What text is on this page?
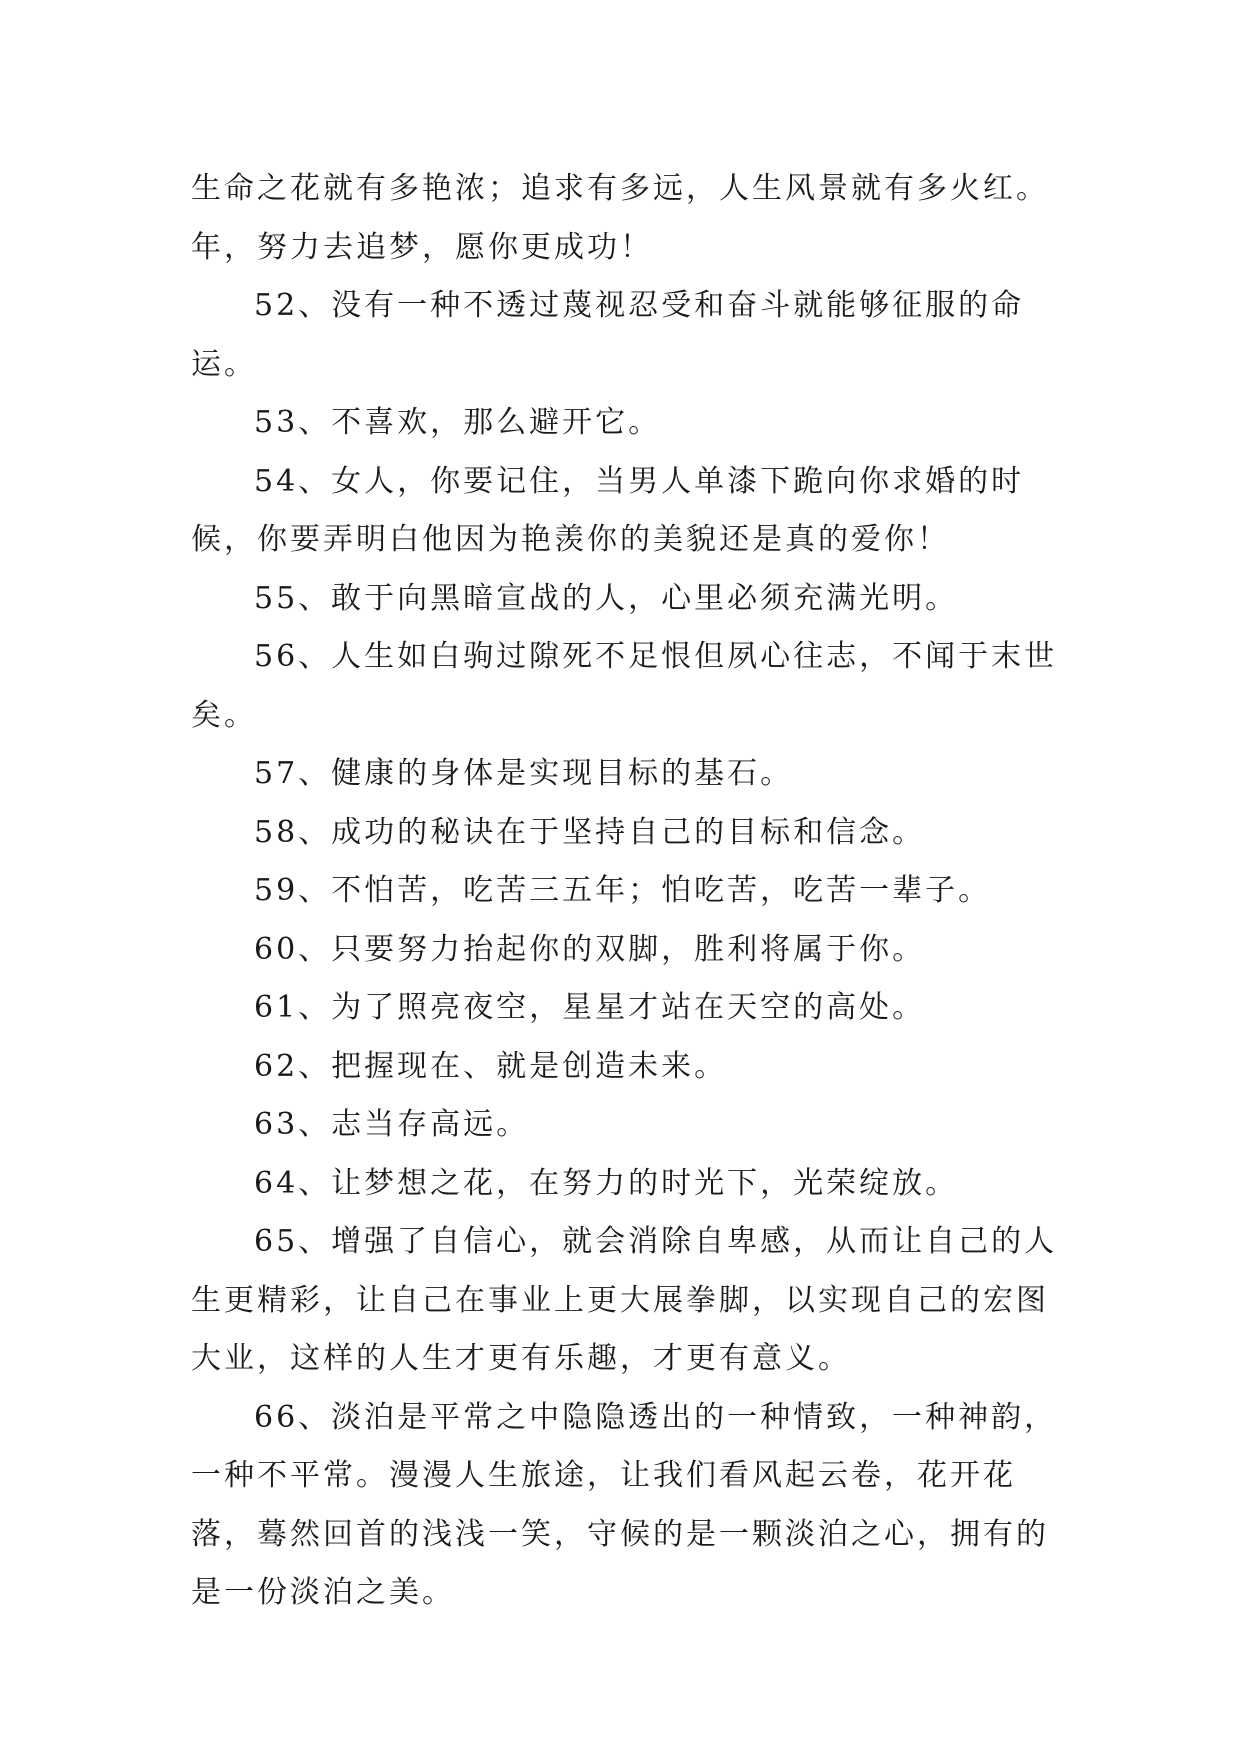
生命之花就有多艳浓；追求有多远，人生风景就有多火红。年，努力去追梦，愿你更成功！

52、没有一种不透过蔑视忍受和奋斗就能够征服的命运。

53、不喜欢，那么避开它。

54、女人，你要记住，当男人单漆下跪向你求婚的时候，你要弄明白他因为艳羡你的美貌还是真的爱你！

55、敢于向黑暗宣战的人，心里必须充满光明。

56、人生如白驹过隙死不足恨但夙心往志，不闻于末世矣。

57、健康的身体是实现目标的基石。

58、成功的秘诀在于坚持自己的目标和信念。

59、不怕苦，吃苦三五年；怕吃苦，吃苦一辈子。

60、只要努力抬起你的双脚，胜利将属于你。

61、为了照亮夜空，星星才站在天空的高处。

62、把握现在、就是创造未来。

63、志当存高远。

64、让梦想之花，在努力的时光下，光荣绽放。

65、增强了自信心，就会消除自卑感，从而让自己的人生更精彩，让自己在事业上更大展拳脚，以实现自己的宏图大业，这样的人生才更有乐趣，才更有意义。

66、淡泊是平常之中隐隐透出的一种情致，一种神韵，一种不平常。漫漫人生旅途，让我们看风起云卷，花开花落，蓦然回首的浅浅一笑，守候的是一颗淡泊之心，拥有的是一份淡泊之美。
